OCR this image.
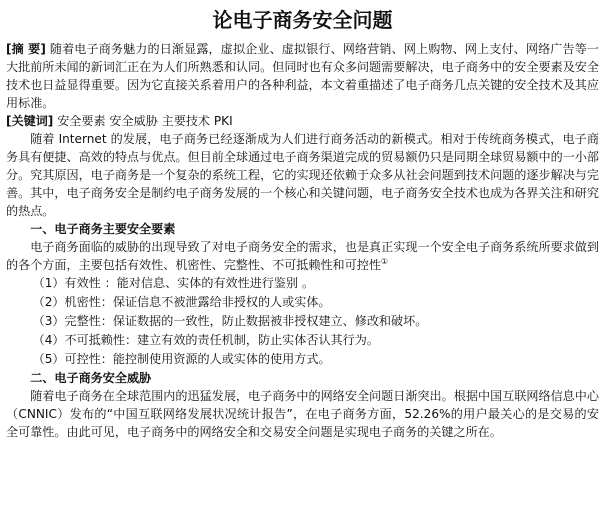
论电子商务安全问题

[摘 要] 随着电子商务魅力的日渐显露，虚拟企业、虚拟银行、网络营销、网上购物、网上支付、网络广告等一大批前所未闻的新词汇正在为人们所熟悉和认同。但同时也有众多问题需要解决，电子商务中的安全要素及安全技术也日益显得重要。因为它直接关系着用户的各种利益，本文着重描述了电子商务几点关键的安全技术及其应用标准。

[关键词] 安全要素 安全威胁 主要技术 PKI

随着 Internet 的发展，电子商务已经逐渐成为人们进行商务活动的新模式。相对于传统商务模式，电子商务具有便捷、高效的特点与优点。但目前全球通过电子商务渠道完成的贸易额仍只是同期全球贸易额中的一小部分。究其原因，电子商务是一个复杂的系统工程，它的实现还依赖于众多从社会问题到技术问题的逐步解决与完善。其中，电子商务安全是制约电子商务发展的一个核心和关键问题，电子商务安全技术也成为各界关注和研究的热点。

一、电子商务主要安全要素

电子商务面临的威胁的出现导致了对电子商务安全的需求，也是真正实现一个安全电子商务系统所要求做到的各个方面，主要包括有效性、机密性、完整性、不可抵赖性和可控性①

（1）有效性 ：能对信息、实体的有效性进行鉴别 。

（2）机密性：保证信息不被泄露给非授权的人或实体。

（3）完整性：保证数据的一致性，防止数据被非授权建立、修改和破坏。

（4）不可抵赖性：建立有效的责任机制，防止实体否认其行为。

（5）可控性：能控制使用资源的人或实体的使用方式。

二、电子商务安全威胁

随着电子商务在全球范围内的迅猛发展，电子商务中的网络安全问题日渐突出。根据中国互联网络信息中心（CNNIC）发布的“中国互联网络发展状况统计报告”，在电子商务方面，52.26%的用户最关心的是交易的安全可靠性。由此可见，电子商务中的网络安全和交易安全问题是实现电子商务的关键之所在。
